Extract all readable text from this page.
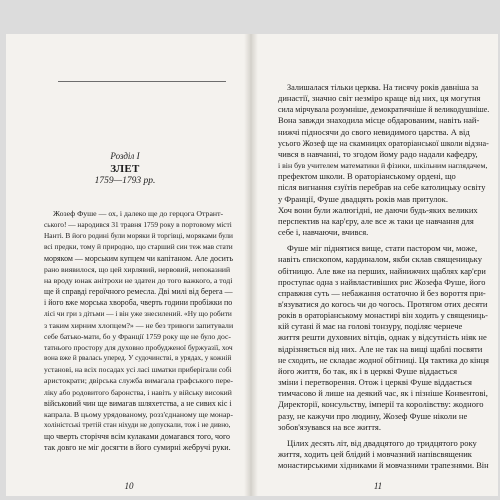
Розділ І
ЗЛЕТ
1759—1793 рр.
Жозеф Фуше — ох, і далеко ще до герцога Отрант-
ського! — народився 31 травня 1759 року в портовому місті
Нанті. В його родині були моряки й торгівці, моряками були
всі предки, тому й природно, що старший син теж мав стати
моряком — морським купцем чи капітаном. Але досить
рано виявилося, що цей хирлявий, нервовий, непоказний
на вроду юнак анітрохи не здатен до того важкого, а тоді
ще й справді героїчного ремесла. Дві милі від берега —
і його вже морська хвороба, чверть години пробіжки по
лісі чи гри з дітьми — і він уже знесилений. «Ну що робити
з таким хирним хлопцем?» — не без тривоги запитували
себе батько-мати, бо у Франції 1759 року ще не було дос-
татнього простору для духовно пробудженої буржуазії, хоч
вона вже й рвалась уперед. У судочинстві, в урядах, у кожній
установі, на всіх посадах усі ласі шматки приберігали собі
аристократи; двірська служба вимагала графського пере-
ліку або родовитого баронства, і навіть у війську високий
військовий чин ще вимагав шляхетства, а не сивих кіс і
капрала. В цьому урядованому, розз'єднаному ще монар-
холіністські третій стан ніхуди не допускали, тож і не дивно,
що чверть сторіччя всім кулаками домагався того, чого
так довго не міг досягти в його сумирні жебручі руки.
10
Залишалася тільки церква. На тисячу років давніша за
династії, значно світ незміро краще від них, ця могутня
сила мірчувала розумніше, демократичніше й великодушніше.
Вона завжди знаходила місце обдарованим, навіть най-
нижчі підносячи до свого невидимого царства. А від
усього Жозеф ще на скамницях ораторіанської школи відзна-
чився в навчанні, то згодом йому радо надали кафедру,
і він був учителем математики й фізики, шкільним наглядачем,
префектом школи. В ораторіанському ордені, що
після вигнання єзуїтів перебрав на себе католицьку освіту
у Франції, Фуше двадцять років мав притулок.
Хоч вони були жалюгідні, не даючи будь-яких великих
перспектив на кар'єру, але все ж таки це навчання для
себе і, навчаючи, вчився.
Фуше міг піднятися вище, стати пастором чи, може,
навіть єпископом, кардиналом, якби склав священицьку
обітницю. Але вже на перших, найнижчих щаблях кар'єри
проступає одна з найвластивіших рис Жозефа Фуше, його
справжня суть — небажання остаточно й без вороття при-
в'язуватися до когось чи до чогось. Протягом отих десяти
років в ораторіанському монастирі він ходить у священиць-
кій сутані й має на голові тонзуру, поділяє чернече
життя решти духовних вітців, однак у відсутність ніяк не
відрізняється від них. Але не так на вищі щаблі посвяти
не сходить, не складає жодної обітниці. Ця тактика до кінця
його життя, бо так, як і в церкві Фуше віддається
зміни і перетворення. Отож і церкві Фуше віддається
тимчасово й лише на деякий час, як і пізніше Конвентові,
Директорії, консульству, імперії та королівству: жодного
разу, не кажучи про людину, Жозеф Фуше ніколи не
зобов'язувався на все життя.
Цілих десять літ, від двадцятого до тридцятого року
життя, ходить цей блідий і мовчазний напівсвященик
монастирськими хідниками й мовчазними трапезнями. Він
11
